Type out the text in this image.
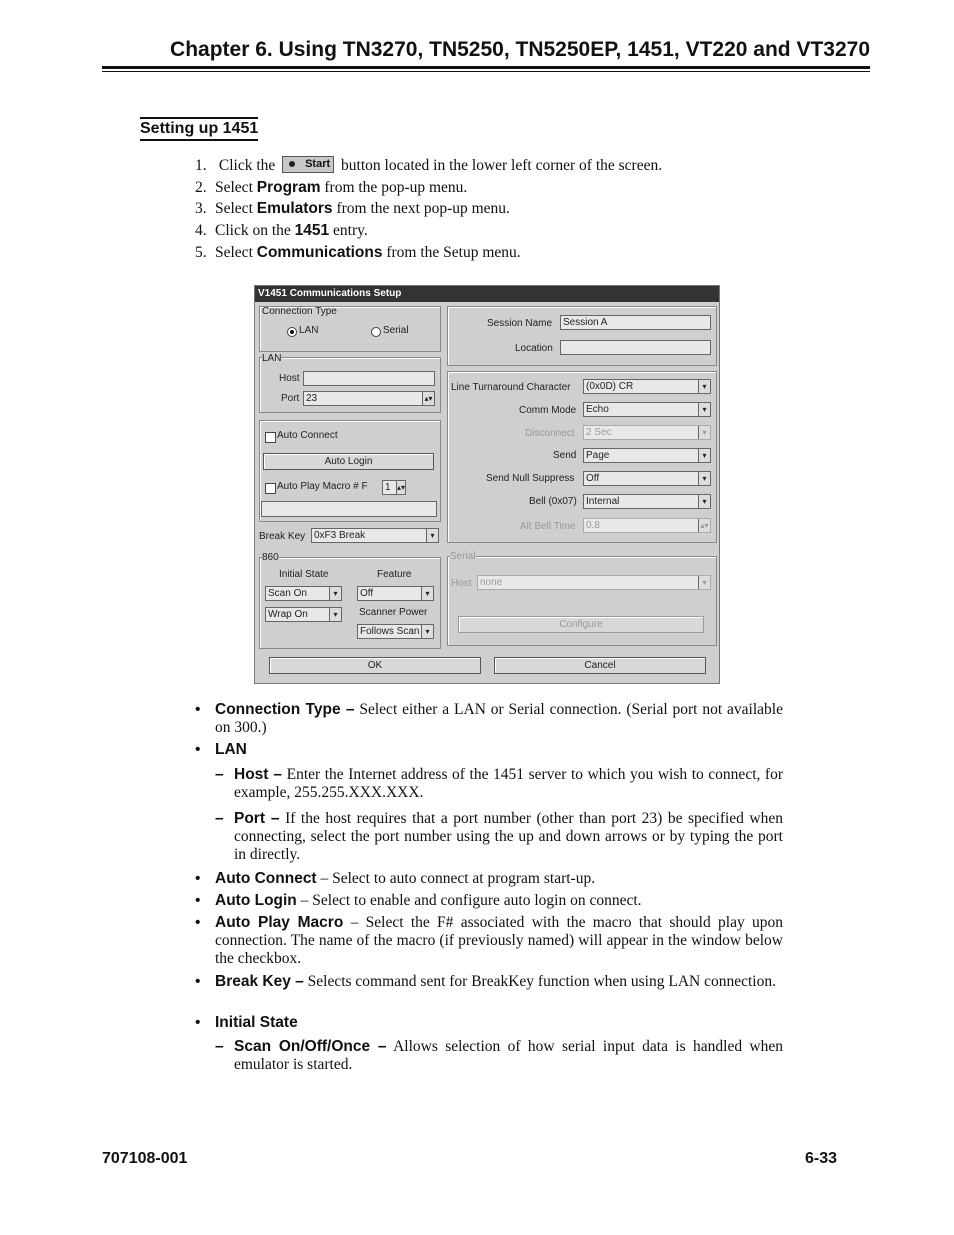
Chapter 6. Using TN3270, TN5250, TN5250EP, 1451, VT220 and VT3270
Setting up 1451
1. Click the	Start button located in the lower left corner of the screen.
2. Select Program from the pop-up menu.
3. Select Emulators from the next pop-up menu.
4. Click on the 1451 entry.
5. Select Communications from the Setup menu.
V1451 Communications Setup
Connection Type
LAN	Serial
LAN
Host
Port 23	▴▾
Auto Connect
Auto Login
Auto Play Macro # F	1 ▴▾
Break Key 0xF3 Break	▾
860
Initial State	Feature
Scan On	▾	Off	▾
Wrap On	▾	Scanner Power
Follows Scan ▾
Session Name	Session A
Location
Line Turnaround Character	(0x0D) CR	▾
Comm Mode Echo	▾
Disconnect	2 Sec	▾
Send Page	▾
Send Null Suppress	Off	▾
Bell (0x07) Internal	▾
Alt Bell Time	0.8	▴▾
Serial
Host none	▾
Configure
OK	Cancel
• Connection Type – Select either a LAN or Serial connection. (Serial port not available on 300.)
• LAN
– Host – Enter the Internet address of the 1451 server to which you wish to connect, for example, 255.255.XXX.XXX.
– Port – If the host requires that a port number (other than port 23) be specified when connecting, select the port number using the up and down arrows or by typing the port in directly.
• Auto Connect – Select to auto connect at program start-up.
• Auto Login – Select to enable and configure auto login on connect.
• Auto Play Macro – Select the F# associated with the macro that should play upon connection. The name of the macro (if previously named) will appear in the window below the checkbox.
• Break Key – Selects command sent for BreakKey function when using LAN connection.
• Initial State
– Scan On/Off/Once – Allows selection of how serial input data is handled when emulator is started.
707108-001	6-33
